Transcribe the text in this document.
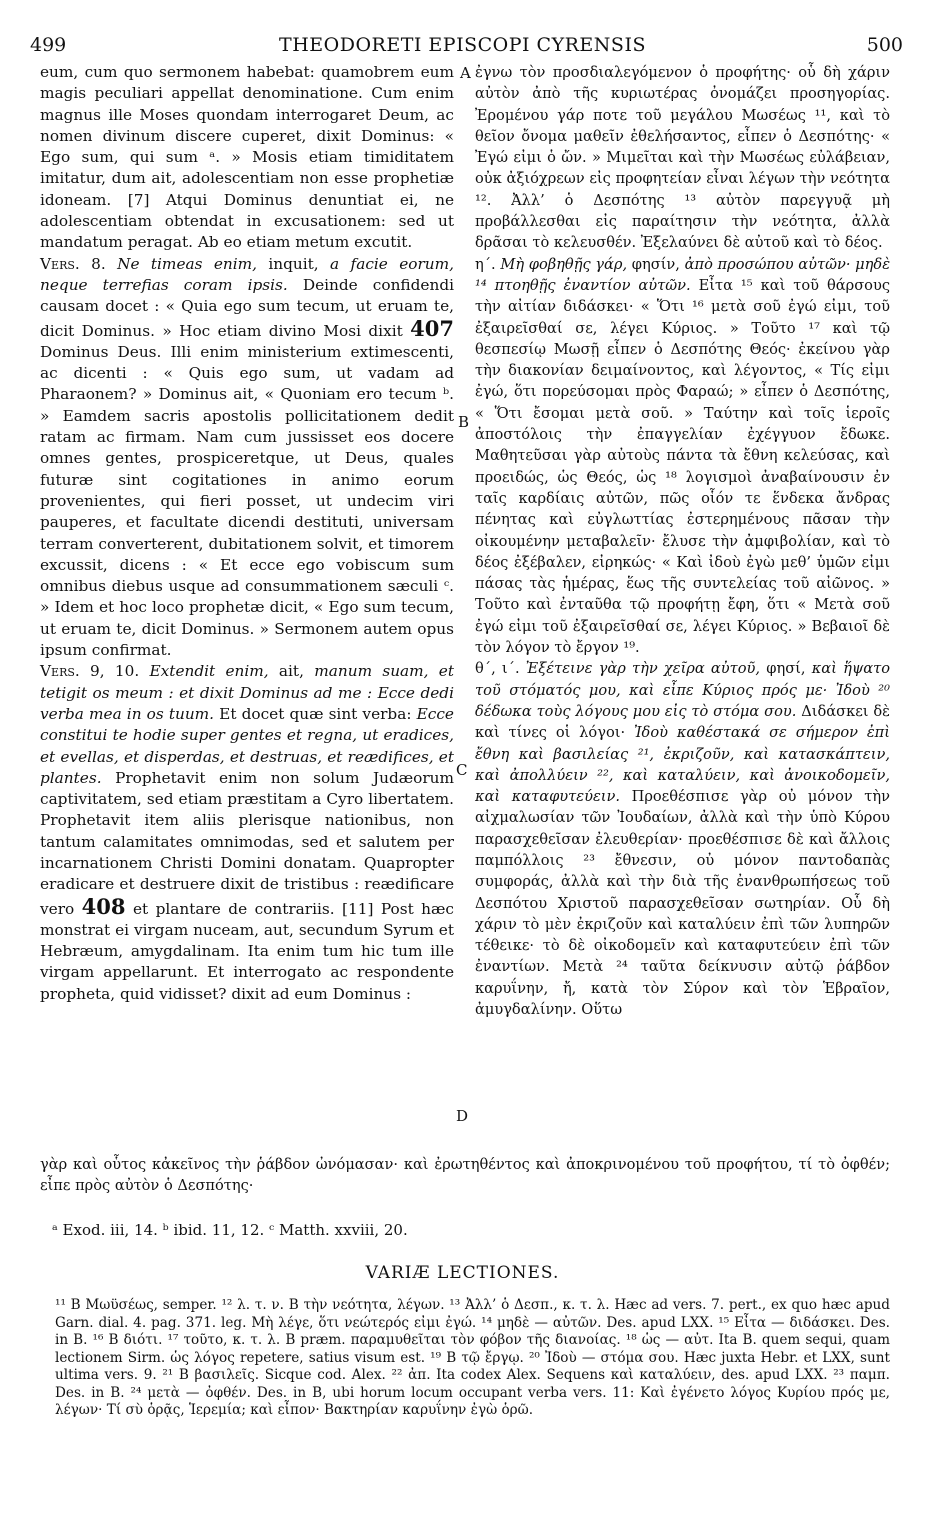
499	THEODORETI EPISCOPI CYRENSIS	500
A
B
C
D

eum, cum quo sermonem habebat: quamobrem eum magis peculiari appellat denominatione. Cum enim magnus ille Moses quondam interrogaret Deum, ac nomen divinum discere cuperet, dixit Dominus: « Ego sum, qui sum ᵃ. » Mosis etiam timiditatem imitatur, dum ait, adolescentiam non esse prophetiæ idoneam. [7] Atqui Dominus denuntiat ei, ne adolescentiam obtendat in excusationem: sed ut mandatum peragat. Ab eo etiam metum excutit.

Vers. 8. Ne timeas enim, inquit, a facie eorum, neque terrefias coram ipsis. Deinde confidendi causam docet : « Quia ego sum tecum, ut eruam te, dicit Dominus. » Hoc etiam divino Mosi dixit 407 Dominus Deus. Illi enim ministerium extimescenti, ac dicenti : « Quis ego sum, ut vadam ad Pharaonem? » Dominus ait, « Quoniam ero tecum ᵇ. » Eamdem sacris apostolis pollicitationem dedit ratam ac firmam. Nam cum jussisset eos docere omnes gentes, prospiceretque, ut Deus, quales futuræ sint cogitationes in animo eorum provenientes, qui fieri posset, ut undecim viri pauperes, et facultate dicendi destituti, universam terram converterent, dubitationem solvit, et timorem excussit, dicens : « Et ecce ego vobiscum sum omnibus diebus usque ad consummationem sæculi ᶜ. » Idem et hoc loco prophetæ dicit, « Ego sum tecum, ut eruam te, dicit Dominus. » Sermonem autem opus ipsum confirmat.

Vers. 9, 10. Extendit enim, ait, manum suam, et tetigit os meum : et dixit Dominus ad me : Ecce dedi verba mea in os tuum. Et docet quæ sint verba: Ecce constitui te hodie super gentes et regna, ut eradices, et evellas, et disperdas, et destruas, et reædifices, et plantes. Prophetavit enim non solum Judæorum captivitatem, sed etiam præstitam a Cyro libertatem. Prophetavit item aliis plerisque nationibus, non tantum calamitates omnimodas, sed et salutem per incarnationem Christi Domini donatam. Quapropter eradicare et destruere dixit de tristibus : reædificare vero 408 et plantare de contrariis. [11] Post hæc monstrat ei virgam nuceam, aut, secundum Syrum et Hebræum, amygdalinam. Ita enim tum hic tum ille virgam appellarunt. Et interrogato ac respondente propheta, quid vidisset? dixit ad eum Dominus :

ἐγνω τὸν προσδιαλεγόμενον ὁ προφήτης· οὗ δὴ χάριν αὐτὸν ἀπὸ τῆς κυριωτέρας ὀνομάζει προσηγορίας. Ἐρομένου γάρ ποτε τοῦ μεγάλου Μωσέως ¹¹, καὶ τὸ θεῖον ὄνομα μαθεῖν ἐθελήσαντος, εἶπεν ὁ Δεσπότης· « Ἐγώ εἰμι ὁ ὤν. » Μιμεῖται καὶ τὴν Μωσέως εὐλάβειαν, οὐκ ἀξιόχρεων εἰς προφητείαν εἶναι λέγων τὴν νεότητα ¹². Ἀλλ’ ὁ Δεσπότης ¹³ αὐτὸν παρεγγυᾷ μὴ προβάλλεσθαι εἰς παραίτησιν τὴν νεότητα, ἀλλὰ δρᾶσαι τὸ κελευσθέν. Ἐξελαύνει δὲ αὐτοῦ καὶ τὸ δέος.

η΄. Μὴ φοβηθῇς γάρ, φησίν, ἀπὸ προσώπου αὐτῶν· μηδὲ ¹⁴ πτοηθῇς ἐναντίον αὐτῶν. Εἶτα ¹⁵ καὶ τοῦ θάρσους τὴν αἰτίαν διδάσκει· « Ὅτι ¹⁶ μετὰ σοῦ ἐγώ εἰμι, τοῦ ἐξαιρεῖσθαί σε, λέγει Κύριος. » Τοῦτο ¹⁷ καὶ τῷ θεσπεσίῳ Μωσῇ εἶπεν ὁ Δεσπότης Θεός· ἐκείνου γὰρ τὴν διακονίαν δειμαίνοντος, καὶ λέγοντος, « Τίς εἰμι ἐγώ, ὅτι πορεύσομαι πρὸς Φαραώ; » εἶπεν ὁ Δεσπότης, « Ὅτι ἔσομαι μετὰ σοῦ. » Ταύτην καὶ τοῖς ἱεροῖς ἀποστόλοις τὴν ἐπαγγελίαν ἐχέγγυον ἔδωκε. Μαθητεῦσαι γὰρ αὐτοὺς πάντα τὰ ἔθνη κελεύσας, καὶ προειδώς, ὡς Θεός, ὡς ¹⁸ λογισμοὶ ἀναβαίνουσιν ἐν ταῖς καρδίαις αὐτῶν, πῶς οἷόν τε ἕνδεκα ἄνδρας πένητας καὶ εὐγλωττίας ἐστερημένους πᾶσαν τὴν οἰκουμένην μεταβαλεῖν· ἔλυσε τὴν ἀμφιβολίαν, καὶ τὸ δέος ἐξέβαλεν, εἰρηκώς· « Καὶ ἰδοὺ ἐγὼ μεθ’ ὑμῶν εἰμι πάσας τὰς ἡμέρας, ἕως τῆς συντελείας τοῦ αἰῶνος. » Τοῦτο καὶ ἐνταῦθα τῷ προφήτῃ ἔφη, ὅτι « Μετὰ σοῦ ἐγώ εἰμι τοῦ ἐξαιρεῖσθαί σε, λέγει Κύριος. » Βεβαιοῖ δὲ τὸν λόγον τὸ ἔργον ¹⁹.

θ΄, ι΄. Ἐξέτεινε γὰρ τὴν χεῖρα αὐτοῦ, φησί, καὶ ἥψατο τοῦ στόματός μου, καὶ εἶπε Κύριος πρός με· Ἰδοὺ ²⁰ δέδωκα τοὺς λόγους μου εἰς τὸ στόμα σου. Διδάσκει δὲ καὶ τίνες οἱ λόγοι· Ἰδοὺ καθέστακά σε σήμερον ἐπὶ ἔθνη καὶ βασιλείας ²¹, ἐκριζοῦν, καὶ κατασκάπτειν, καὶ ἀπολλύειν ²², καὶ καταλύειν, καὶ ἀνοικοδομεῖν, καὶ καταφυτεύειν. Προεθέσπισε γὰρ οὐ μόνον τὴν αἰχμαλωσίαν τῶν Ἰουδαίων, ἀλλὰ καὶ τὴν ὑπὸ Κύρου παρασχεθεῖσαν ἐλευθερίαν· προεθέσπισε δὲ καὶ ἄλλοις παμπόλλοις ²³ ἔθνεσιν, οὐ μόνον παντοδαπὰς συμφοράς, ἀλλὰ καὶ τὴν διὰ τῆς ἐνανθρωπήσεως τοῦ Δεσπότου Χριστοῦ παρασχεθεῖσαν σωτηρίαν. Οὗ δὴ χάριν τὸ μὲν ἐκριζοῦν καὶ καταλύειν ἐπὶ τῶν λυπηρῶν τέθεικε· τὸ δὲ οἰκοδομεῖν καὶ καταφυτεύειν ἐπὶ τῶν ἐναντίων. Μετὰ ²⁴ ταῦτα δείκνυσιν αὐτῷ ῥάβδον καρυΐνην, ἤ, κατὰ τὸν Σύρον καὶ τὸν Ἑβραῖον, ἀμυγδαλίνην. Οὕτω

γὰρ καὶ οὗτος κἀκεῖνος τὴν ῥάβδον ὠνόμασαν· καὶ ἐρωτηθέντος καὶ ἀποκρινομένου τοῦ προφήτου, τί τὸ ὀφθέν; εἶπε πρὸς αὐτὸν ὁ Δεσπότης·
ᵃ Exod. iii, 14. ᵇ ibid. 11, 12. ᶜ Matth. xxviii, 20.
VARIÆ LECTIONES.

¹¹ B Μωϋσέως, semper. ¹² λ. τ. ν. B τὴν νεότητα, λέγων. ¹³ Ἀλλ’ ὁ Δεσπ., κ. τ. λ. Hæc ad vers. 7. pert., ex quo hæc apud Garn. dial. 4. pag. 371. leg. Μὴ λέγε, ὅτι νεώτερός εἰμι ἐγώ. ¹⁴ μηδὲ — αὐτῶν. Des. apud LXX. ¹⁵ Εἶτα — διδάσκει. Des. in B. ¹⁶ B διότι. ¹⁷ τοῦτο, κ. τ. λ. B præm. παραμυθεῖται τὸν φόβον τῆς διανοίας. ¹⁸ ὡς — αὐτ. Ita B. quem sequi, quam lectionem Sirm. ὡς λόγος repetere, satius visum est. ¹⁹ B τῷ ἔργῳ. ²⁰ Ἰδοὺ — στόμα σου. Hæc juxta Hebr. et LXX, sunt ultima vers. 9. ²¹ B βασιλεῖς. Sicque cod. Alex. ²² ἀπ. Ita codex Alex. Sequens καὶ καταλύειν, des. apud LXX. ²³ παμπ. Des. in B. ²⁴ μετὰ — ὀφθέν. Des. in B, ubi horum locum occupant verba vers. 11: Καὶ ἐγένετο λόγος Κυρίου πρός με, λέγων· Τί σὺ ὁρᾷς, Ἱερεμία; καὶ εἶπον· Βακτηρίαν καρυΐνην ἐγὼ ὁρῶ.
